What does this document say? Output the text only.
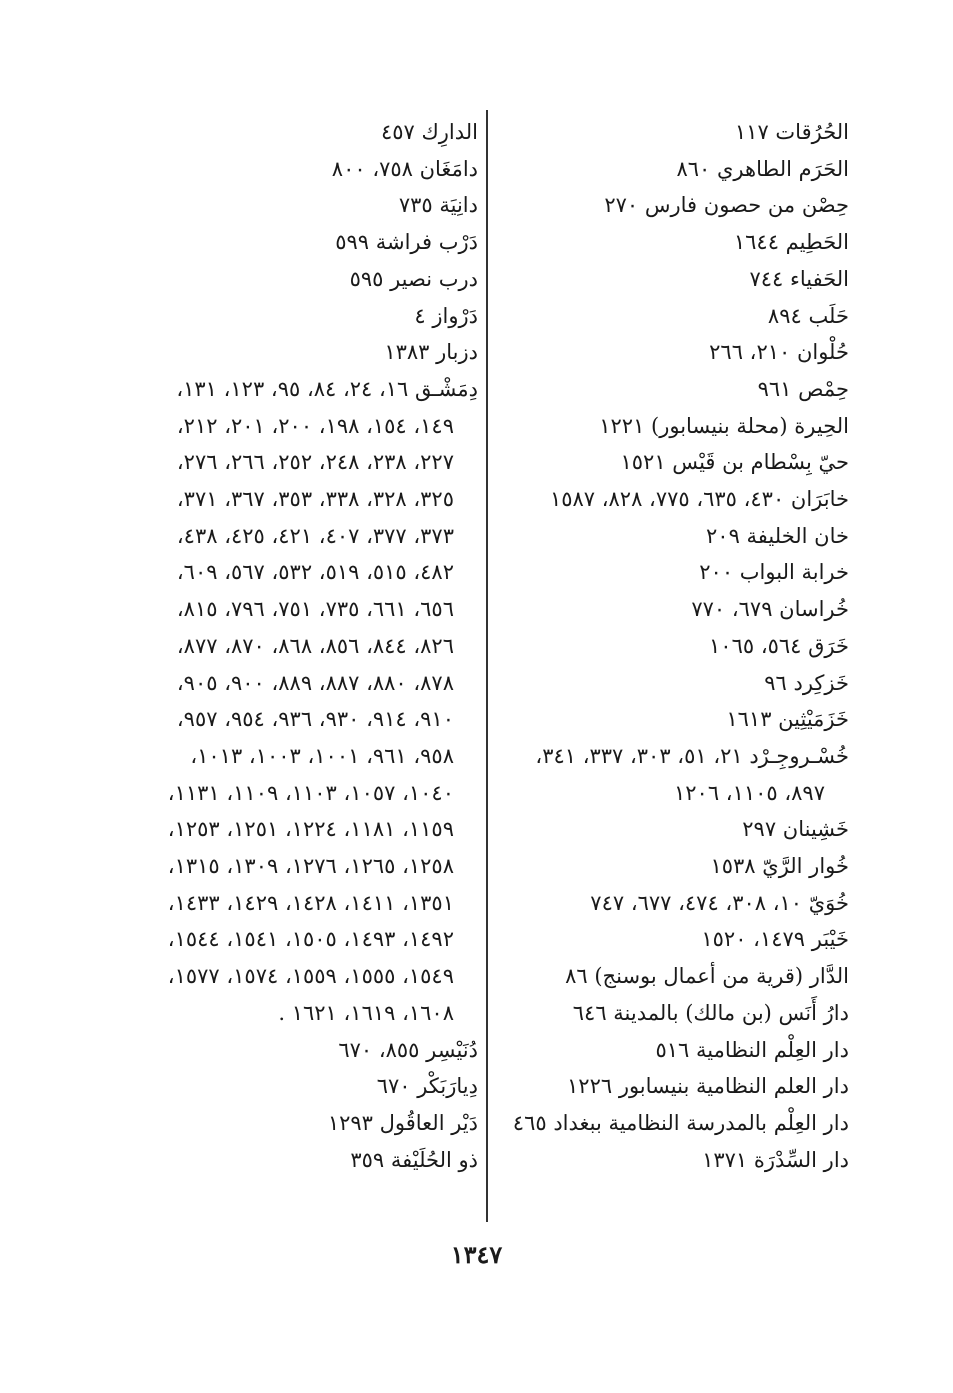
الحُرُقات ١١٧
الحَرَم الطاهري ٨٦٠
حِصْن من حصون فارس ٢٧٠
الحَطِيم ١٦٤٤
الحَفياء ٧٤٤
حَلَب ٨٩٤
حُلْوان ٢١٠، ٢٦٦
حِمْص ٩٦١
الحِيرة (محلة بنيسابور) ١٢٢١
حيّ بِسْطام بن قَيْس ١٥٢١
خابَرَان ٤٣٠، ٦٣٥، ٧٧٥، ٨٢٨، ١٥٨٧
خان الخليفة ٢٠٩
خرابة البواب ٢٠٠
خُراسان ٦٧٩، ٧٧٠
خَرَق ٥٦٤، ١٠٦٥
خَزكِرد ٩٦
خَزَمَيْثِين ١٦١٣
خُسْـروجِـرْد ٢١، ٥١، ٣٠٣، ٣٣٧، ٣٤١،
٨٩٧، ١١٠٥، ١٢٠٦
خَشِينان ٢٩٧
خُوار الرَّيّ ١٥٣٨
خُوَيّ ١٠، ٣٠٨، ٤٧٤، ٦٧٧، ٧٤٧
خَيْبَر ١٤٧٩، ١٥٢٠
الدَّار (قرية من أعمال بوسنج) ٨٦
دارُ أَنَس (بن مالك) بالمدينة ٦٤٦
دار العِلْم النظامية ٥١٦
دار العلم النظامية بنيسابور ١٢٢٦
دار العِلْم بالمدرسة النظامية ببغداد ٤٦٥
دار السِّدْرَة ١٣٧١
الدارِك ٤٥٧
دامَغَان ٧٥٨، ٨٠٠
دانِيَة ٧٣٥
دَرْب فراشة ٥٩٩
درب نصير ٥٩٥
دَرْواز ٤
دزبار ١٣٨٣
دِمَشْـق ١٦، ٢٤، ٨٤، ٩٥، ١٢٣، ١٣١،
١٤٩، ١٥٤، ١٩٨، ٢٠٠، ٢٠١، ٢١٢،
٢٢٧، ٢٣٨، ٢٤٨، ٢٥٢، ٢٦٦، ٢٧٦،
٣٢٥، ٣٢٨، ٣٣٨، ٣٥٣، ٣٦٧، ٣٧١،
٣٧٣، ٣٧٧، ٤٠٧، ٤٢١، ٤٢٥، ٤٣٨،
٤٨٢، ٥١٥، ٥١٩، ٥٣٢، ٥٦٧، ٦٠٩،
٦٥٦، ٦٦١، ٧٣٥، ٧٥١، ٧٩٦، ٨١٥،
٨٢٦، ٨٤٤، ٨٥٦، ٨٦٨، ٨٧٠، ٨٧٧،
٨٧٨، ٨٨٠، ٨٨٧، ٨٨٩، ٩٠٠، ٩٠٥،
٩١٠، ٩١٤، ٩٣٠، ٩٣٦، ٩٥٤، ٩٥٧،
٩٥٨، ٩٦١، ١٠٠١، ١٠٠٣، ١٠١٣،
١٠٤٠، ١٠٥٧، ١١٠٣، ١١٠٩، ١١٣١،
١١٥٩، ١١٨١، ١٢٢٤، ١٢٥١، ١٢٥٣،
١٢٥٨، ١٢٦٥، ١٢٧٦، ١٣٠٩، ١٣١٥،
١٣٥١، ١٤١١، ١٤٢٨، ١٤٢٩، ١٤٣٣،
١٤٩٢، ١٤٩٣، ١٥٠٥، ١٥٤١، ١٥٤٤،
١٥٤٩، ١٥٥٥، ١٥٥٩، ١٥٧٤، ١٥٧٧،
١٦٠٨، ١٦١٩، ١٦٢١ .
دُنَيْسِر ٨٥٥، ٦٧٠
دِيارَبَكْر ٦٧٠
دَيْر العاقُول ١٢٩٣
ذو الحُلَيْفة ٣٥٩
١٣٤٧
